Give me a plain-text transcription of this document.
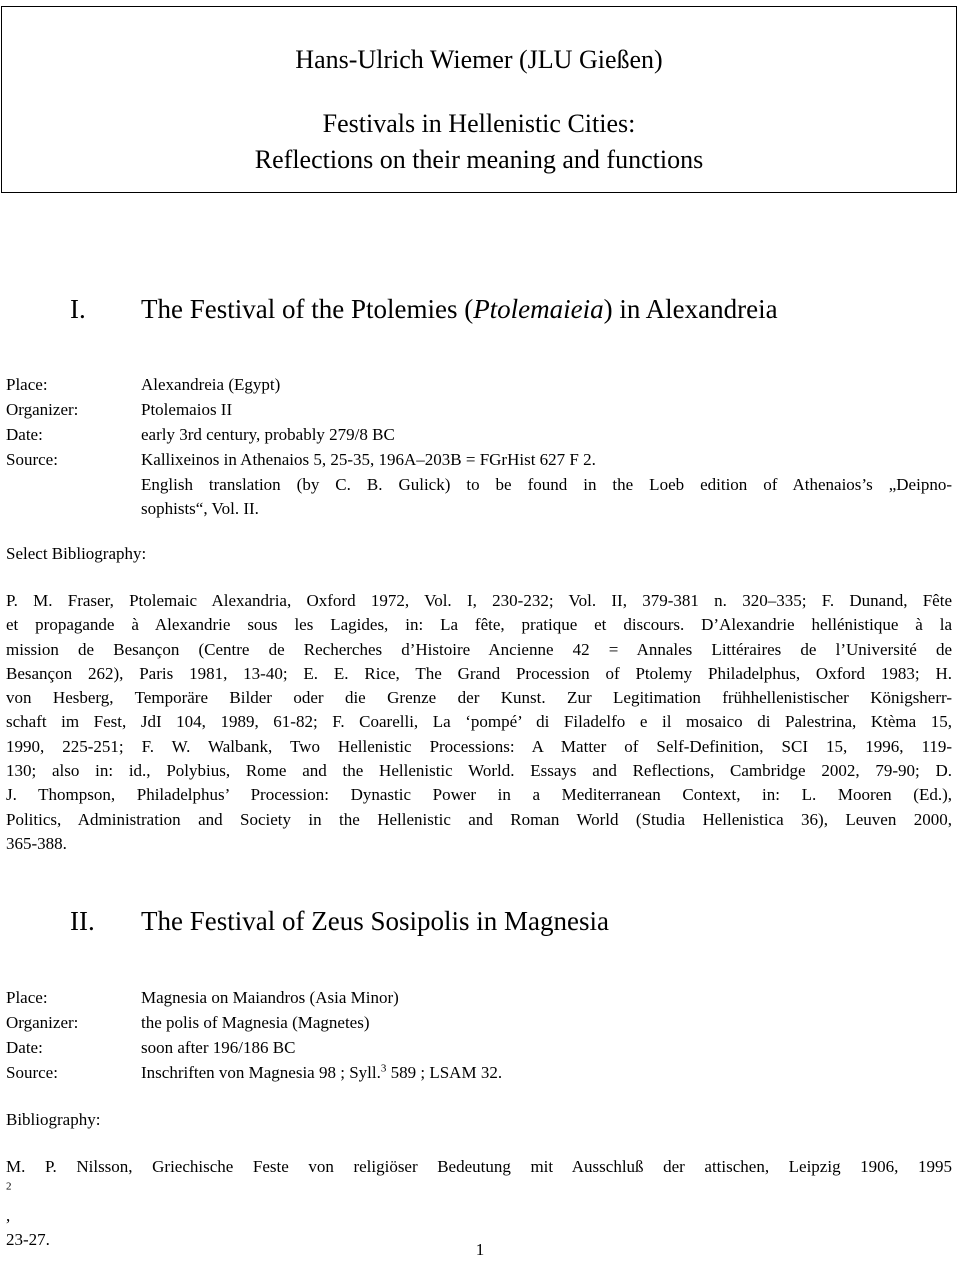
Hans-Ulrich Wiemer (JLU Gießen)
Festivals in Hellenistic Cities:
Reflections on their meaning and functions
I. The Festival of the Ptolemies (Ptolemaieia) in Alexandreia
Place:	Alexandreia (Egypt)
Organizer:	Ptolemaios II
Date:	early 3rd century, probably 279/8 BC
Source:	Kallixeinos in Athenaios 5, 25-35, 196A–203B = FGrHist 627 F 2.
English translation (by C. B. Gulick) to be found in the Loeb edition of Athenaios’s „Deipno-
sophists“, Vol. II.
Select Bibliography:

P. M. Fraser, Ptolemaic Alexandria, Oxford 1972, Vol. I, 230-232; Vol. II, 379-381 n. 320–335; F. Dunand, Fête
et propagande à Alexandrie sous les Lagides, in: La fête, pratique et discours. D’Alexandrie hellénistique à la
mission de Besançon (Centre de Recherches d’Histoire Ancienne 42 = Annales Littéraires de l’Université de
Besançon 262), Paris 1981, 13-40; E. E. Rice, The Grand Procession of Ptolemy Philadelphus, Oxford 1983; H.
von Hesberg, Temporäre Bilder oder die Grenze der Kunst. Zur Legitimation frühhellenistischer Königsherr-
schaft im Fest, JdI 104, 1989, 61-82; F. Coarelli, La ‘pompé’ di Filadelfo e il mosaico di Palestrina, Ktèma 15,
1990, 225-251; F. W. Walbank, Two Hellenistic Processions: A Matter of Self-Definition, SCI 15, 1996, 119-
130; also in: id., Polybius, Rome and the Hellenistic World. Essays and Reflections, Cambridge 2002, 79-90; D.
J. Thompson, Philadelphus’ Procession: Dynastic Power in a Mediterranean Context, in: L. Mooren (Ed.),
Politics, Administration and Society in the Hellenistic and Roman World (Studia Hellenistica 36), Leuven 2000,
365-388.

II. The Festival of Zeus Sosipolis in Magnesia
Place:	Magnesia on Maiandros (Asia Minor)
Organizer:	the polis of Magnesia (Magnetes)
Date:	soon after 196/186 BC
Source:	Inschriften von Magnesia 98 ; Syll.$^3$ 589 ; LSAM 32.
Bibliography:

M. P. Nilsson, Griechische Feste von religiöser Bedeutung mit Ausschluß der attischen, Leipzig 1906, 1995
$^2$
,
23-27.

1
